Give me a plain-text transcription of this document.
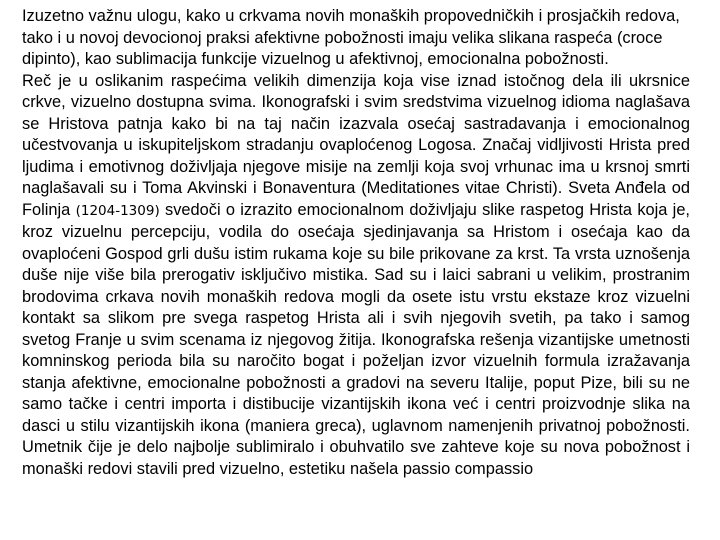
Izuzetno važnu ulogu, kako u crkvama novih monaških propovedničkih i prosjačkih redova, tako i u novoj devocionoj praksi afektivne pobožnosti imaju velika slikana raspeća (croce dipinto), kao sublimacija funkcije vizuelnog u afektivnoj, emocionalna pobožnosti.

Reč je u oslikanim raspećima velikih dimenzija koja vise iznad istočnog dela ili ukrsnice crkve, vizuelno dostupna svima. Ikonografski i svim sredstvima vizuelnog idioma naglašava se Hristova patnja kako bi na taj način izazvala osećaj sastradavanja i emocionalnog učestvovanja u iskupiteljskom stradanju ovaploćenog Logosa. Značaj vidljivosti Hrista pred ljudima i emotivnog doživljaja njegove misije na zemlji koja svoj vrhunac ima u krsnoj smrti naglašavali su i Toma Akvinski i Bonaventura (Meditationes vitae Christi). Sveta Anđela od Folinja (1204-1309) svedoči o izrazito emocionalnom doživljaju slike raspetog Hrista koja je, kroz vizuelnu percepciju, vodila do osećaja sjedinjavanja sa Hristom i osećaja kao da ovaploćeni Gospod grli dušu istim rukama koje su bile prikovane za krst. Ta vrsta uznošenja duše nije više bila prerogativ isključivo mistika. Sad su i laici sabrani u velikim, prostranim brodovima crkava novih monaških redova mogli da osete istu vrstu ekstaze kroz vizuelni kontakt sa slikom pre svega raspetog Hrista ali i svih njegovih svetih, pa tako i samog svetog Franje u svim scenama iz njegovog žitija. Ikonografska rešenja vizantijske umetnosti komninskog perioda bila su naročito bogat i poželjan izvor vizuelnih formula izražavanja stanja afektivne, emocionalne pobožnosti a gradovi na severu Italije, poput Pize, bili su ne samo tačke i centri importa i distibucije vizantijskih ikona već i centri proizvodnje slika na dasci u stilu vizantijskih ikona (maniera greca), uglavnom namenjenih privatnoj pobožnosti. Umetnik čije je delo najbolje sublimiralo i obuhvatilo sve zahteve koje su nova pobožnost i monaški redovi stavili pred vizuelno, estetiku našela passio compassio
